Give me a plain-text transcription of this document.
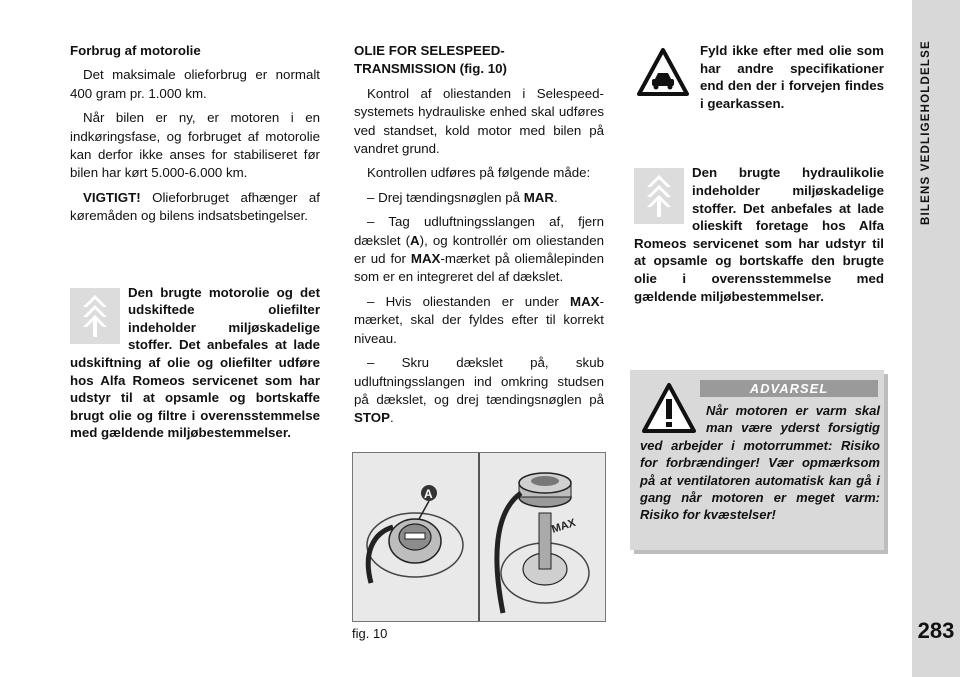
BILENS VEDLIGEHOLDELSE
283
Forbrug af motorolie

Det maksimale olieforbrug er normalt 400 gram pr. 1.000 km.

Når bilen er ny, er motoren i en indkøringsfase, og forbruget af motorolie kan derfor ikke anses for stabiliseret før bilen har kørt 5.000-6.000 km.

VIGTIGT! Olieforbruget afhænger af køremåden og bilens indsatsbetingelser.

Den brugte motorolie og det udskiftede oliefilter indeholder miljøskadelige stoffer. Det anbefales at lade udskiftning af olie og oliefilter udføre hos Alfa Romeos servicenet som har udstyr til at opsamle og bortskaffe brugt olie og filtre i overensstemmelse med gældende miljøbestemmelser.
OLIE FOR SELESPEED-TRANSMISSION (fig. 10)

Kontrol af oliestanden i Selespeed-systemets hydrauliske enhed skal udføres ved standset, kold motor med bilen på vandret grund.

Kontrollen udføres på følgende måde:

– Drej tændingsnøglen på MAR.

– Tag udluftningsslangen af, fjern dækslet (A), og kontrollér om oliestanden er ud for MAX-mærket på oliemålepinden som er en integreret del af dækslet.

– Hvis oliestanden er under MAX-mærket, skal der fyldes efter til korrekt niveau.

– Skru dækslet på, skub udluftningsslangen ind omkring studsen på dækslet, og drej tændingsnøglen på STOP.

A
MAX
fig. 10
Fyld ikke efter med olie som har andre specifikationer end den der i forvejen findes i gearkassen.
Den brugte hydraulikolie indeholder miljøskadelige stoffer. Det anbefales at lade olieskift foretage hos Alfa Romeos servicenet som har udstyr til at opsamle og bortskaffe den brugte olie i overensstemmelse med gældende miljøbestemmelser.
ADVARSEL
Når motoren er varm skal man være yderst forsigtig ved arbejder i motorrummet: Risiko for forbrændinger! Vær opmærksom på at ventilatoren automatisk kan gå i gang når motoren er meget varm: Risiko for kvæstelser!
